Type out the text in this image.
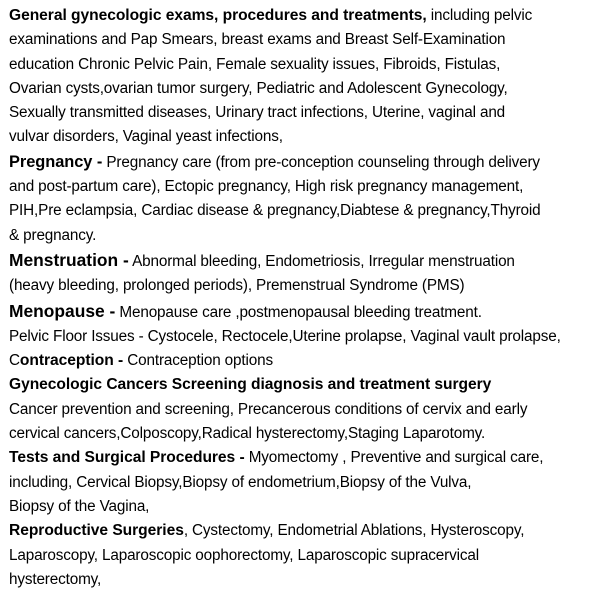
General gynecologic exams, procedures and treatments, including pelvic
examinations and Pap Smears, breast exams and Breast Self-Examination
education Chronic Pelvic Pain, Female sexuality issues, Fibroids, Fistulas,
Ovarian cysts,ovarian tumor surgery, Pediatric and Adolescent Gynecology,
Sexually transmitted diseases, Urinary tract infections, Uterine, vaginal and
vulvar disorders, Vaginal yeast infections,

Pregnancy - Pregnancy care (from pre-conception counseling through delivery
and post-partum care), Ectopic pregnancy, High risk pregnancy management,
PIH,Pre eclampsia, Cardiac disease & pregnancy,Diabtese & pregnancy,Thyroid
& pregnancy.

Menstruation - Abnormal bleeding, Endometriosis, Irregular menstruation
(heavy bleeding, prolonged periods), Premenstrual Syndrome (PMS)

Menopause - Menopause care ,postmenopausal bleeding treatment.

Pelvic Floor Issues - Cystocele, Rectocele,Uterine prolapse, Vaginal vault prolapse,

Contraception - Contraception options

Gynecologic Cancers Screening diagnosis and treatment surgery
Cancer prevention and screening, Precancerous conditions of cervix and early
cervical cancers,Colposcopy,Radical hysterectomy,Staging Laparotomy.

Tests and Surgical Procedures - Myomectomy , Preventive and surgical care,
including, Cervical Biopsy,Biopsy of endometrium,Biopsy of the Vulva,
Biopsy of the Vagina,

Reproductive Surgeries, Cystectomy, Endometrial Ablations, Hysteroscopy,
Laparoscopy, Laparoscopic oophorectomy, Laparoscopic supracervical
hysterectomy,
